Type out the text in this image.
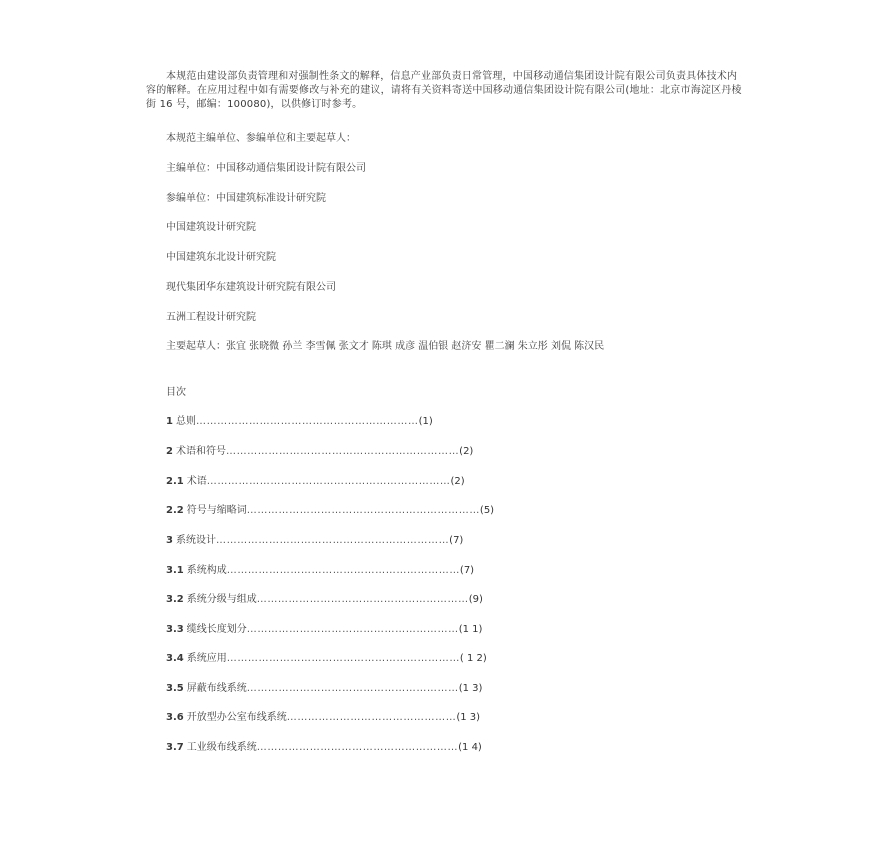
本规范由建设部负责管理和对强制性条文的解释，信息产业部负责日常管理，中国移动通信集团设计院有限公司负责具体技术内容的解释。在应用过程中如有需要修改与补充的建议，请将有关资料寄送中国移动通信集团设计院有限公司(地址：北京市海淀区丹棱街 16 号，邮编：100080)，以供修订时参考。

本规范主编单位、参编单位和主要起草人：

主编单位：中国移动通信集团设计院有限公司

参编单位：中国建筑标准设计研究院

中国建筑设计研究院

中国建筑东北设计研究院

现代集团华东建筑设计研究院有限公司

五洲工程设计研究院

主要起草人：张宜 张晓微 孙兰 李雪佩 张文才 陈琪 成彦 温伯银 赵济安 瞿二澜 朱立彤 刘侃 陈汉民

目次

1 总则 ……………………………………………………… (1)
2 术语和符号 ………………………………………………………… (2)
2.1 术语 …………………………………………………………… (2)
2.2 符号与缩略词 ………………………………………………………… (5)
3 系统设计 ………………………………………………………… (7)
3.1 系统构成 ………………………………………………………… (7)
3.2 系统分级与组成 …………………………………………………… (9)
3.3 缆线长度划分 …………………………………………………… (1 1)
3.4 系统应用 ………………………………………………………… ( 1 2)
3.5 屏蔽布线系统 …………………………………………………… (1 3)
3.6 开放型办公室布线系统 ………………………………………… (1 3)
3.7 工业级布线系统 ………………………………………………… (1 4)
